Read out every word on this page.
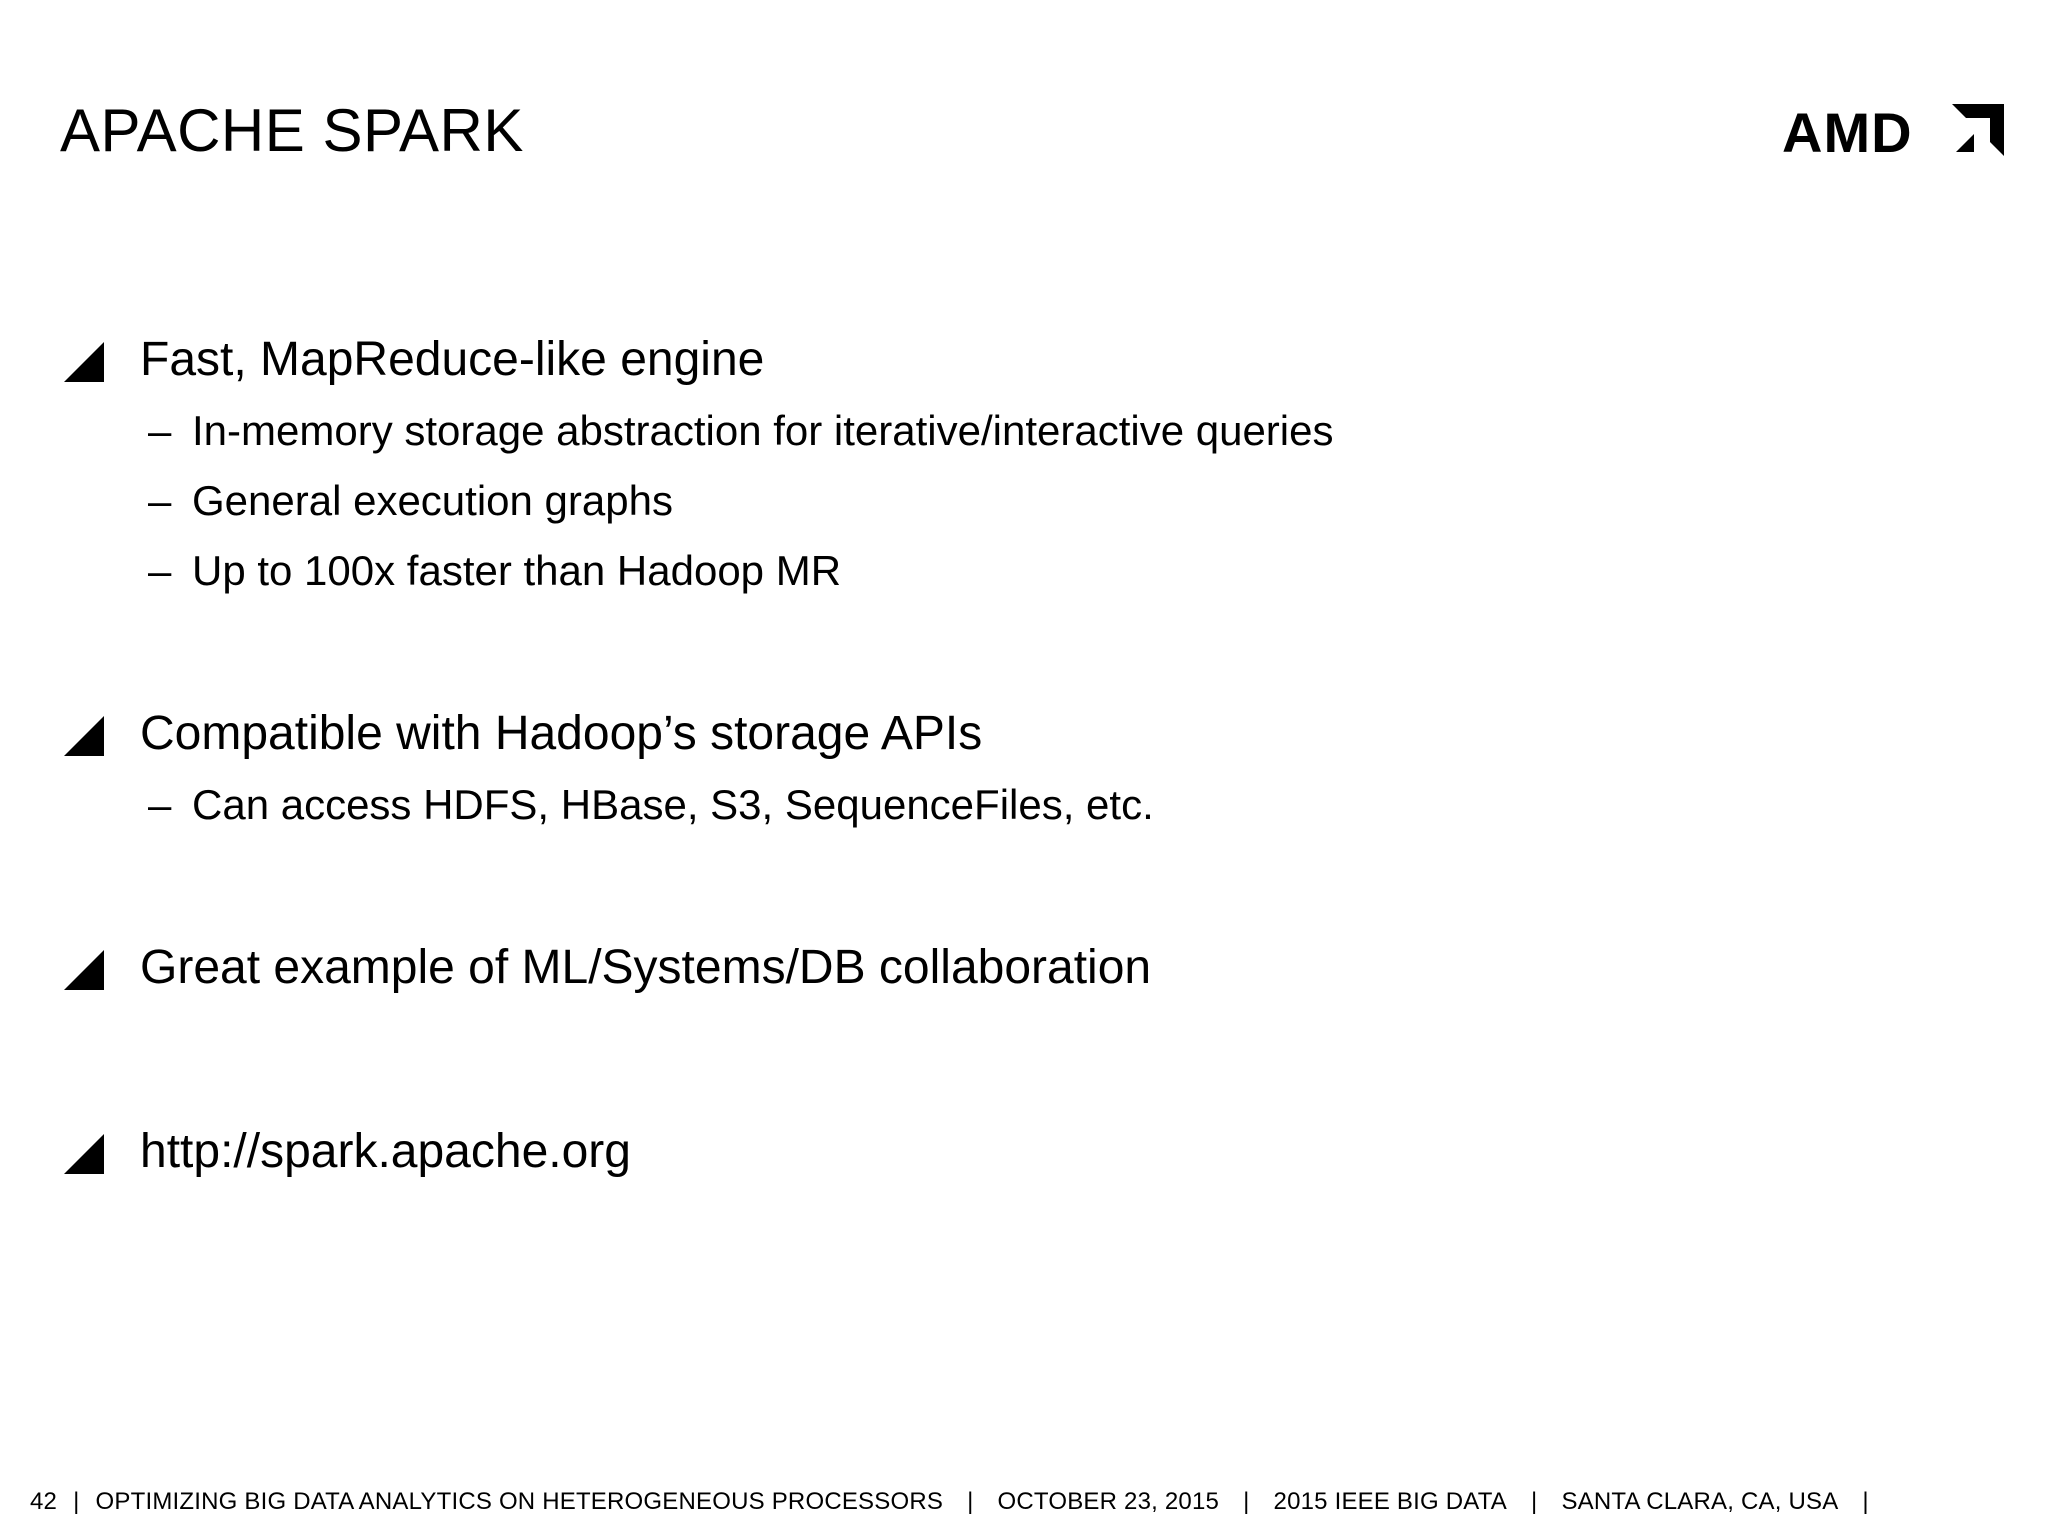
APACHE SPARK	AMD
Fast, MapReduce-like engine
‒ In-memory storage abstraction for iterative/interactive queries
‒ General execution graphs
‒ Up to 100x faster than Hadoop MR
Compatible with Hadoop’s storage APIs
‒ Can access HDFS, HBase, S3, SequenceFiles, etc.
Great example of ML/Systems/DB collaboration
http://spark.apache.org
42 | OPTIMIZING BIG DATA ANALYTICS ON HETEROGENEOUS PROCESSORS | OCTOBER 23, 2015 | 2015 IEEE BIG DATA | SANTA CLARA, CA, USA |
